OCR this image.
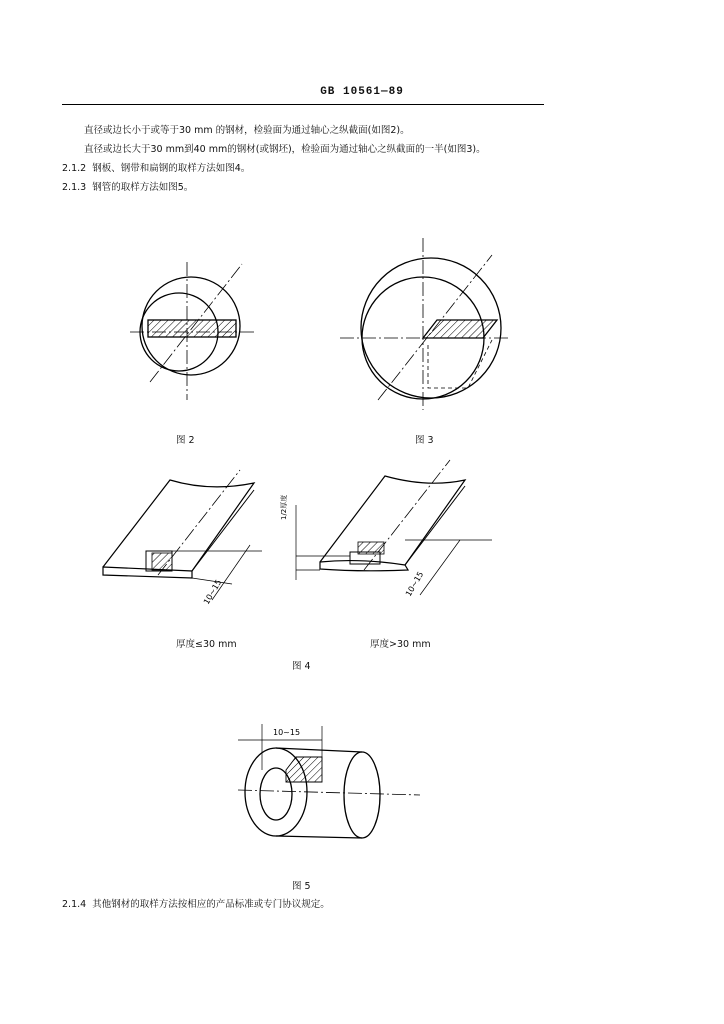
GB 10561—89
直径或边长小于或等于30 mm 的钢材，检验面为通过轴心之纵截面(如图2)。
直径或边长大于30 mm到40 mm的钢材(或钢坯)，检验面为通过轴心之纵截面的一半(如图3)。
2.1.2 钢板、钢带和扁钢的取样方法如图4。
2.1.3 钢管的取样方法如图5。
10~15
1/2厚度
10~15
10~15
图 2	图 3
厚度≤30 mm	厚度>30 mm
图 4
图 5
2.1.4 其他钢材的取样方法按相应的产品标准或专门协议规定。
